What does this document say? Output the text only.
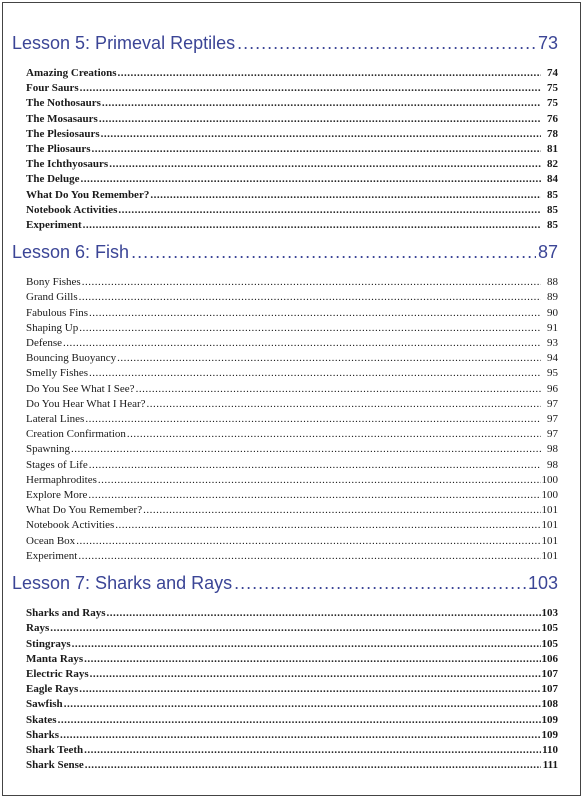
Lesson 5: Primeval Reptiles .....	73
Amazing Creations .....	74
Four Saurs .....	75
The Nothosaurs .....	75
The Mosasaurs .....	76
The Plesiosaurs .....	78
The Pliosaurs .....	81
The Ichthyosaurs .....	82
The Deluge .....	84
What Do You Remember? .....	85
Notebook Activities .....	85
Experiment .....	85
Lesson 6: Fish .....	87
Bony Fishes .....	88
Grand Gills .....	89
Fabulous Fins .....	90
Shaping Up .....	91
Defense .....	93
Bouncing Buoyancy .....	94
Smelly Fishes .....	95
Do You See What I See? .....	96
Do You Hear What I Hear? .....	97
Lateral Lines .....	97
Creation Confirmation .....	97
Spawning .....	98
Stages of Life .....	98
Hermaphrodites .....	100
Explore More .....	100
What Do You Remember? .....	101
Notebook Activities .....	101
Ocean Box .....	101
Experiment .....	101
Lesson 7: Sharks and Rays .....	103
Sharks and Rays .....	103
Rays .....	105
Stingrays .....	105
Manta Rays .....	106
Electric Rays .....	107
Eagle Rays .....	107
Sawfish .....	108
Skates .....	109
Sharks .....	109
Shark Teeth .....	110
Shark Sense .....	111
